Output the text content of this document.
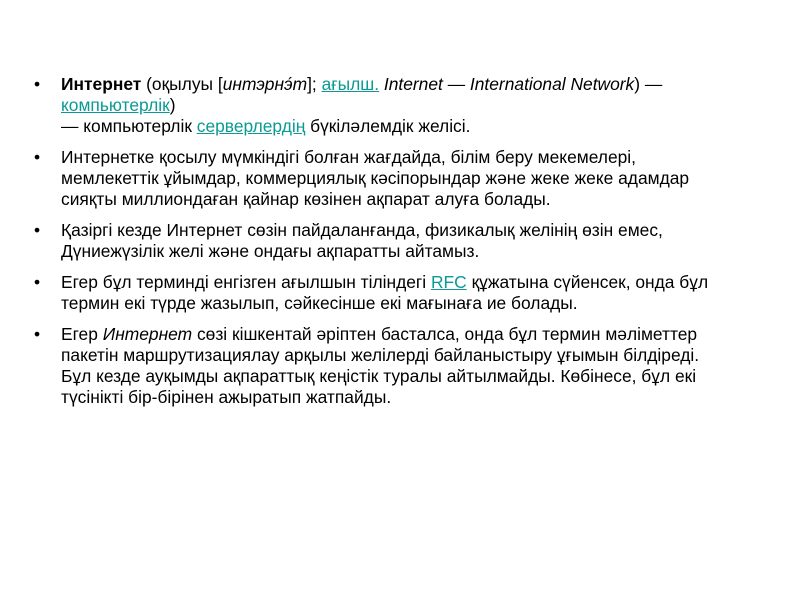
•	Интернет (оқылуы [интэрнэ́т]; ағылш. Internet — International Network) — компьютерлік)
— компьютерлік серверлердің бүкіләлемдік желісі.
•	Интернетке қосылу мүмкіндігі болған жағдайда, білім беру мекемелері, мемлекеттік ұйымдар, коммерциялық кәсіпорындар және жеке жеке адамдар сияқты миллиондаған қайнар көзінен ақпарат алуға болады.
•	Қазіргі кезде Интернет сөзін пайдаланғанда, физикалық желінің өзін емес, Дүниежүзілік желі және ондағы ақпаратты айтамыз.
•	Егер бұл терминді енгізген ағылшын тіліндегі RFC құжатына сүйенсек, онда бұл термин екі түрде жазылып, сәйкесінше екі мағынаға ие болады.
•	Егер Интернет сөзі кішкентай әріптен басталса, онда бұл термин мәліметтер пакетін маршрутизациялау арқылы желілерді байланыстыру ұғымын білдіреді. Бұл кезде ауқымды ақпараттық кеңістік туралы айтылмайды. Көбінесе, бұл екі түсінікті бір-бірінен ажыратып жатпайды.
